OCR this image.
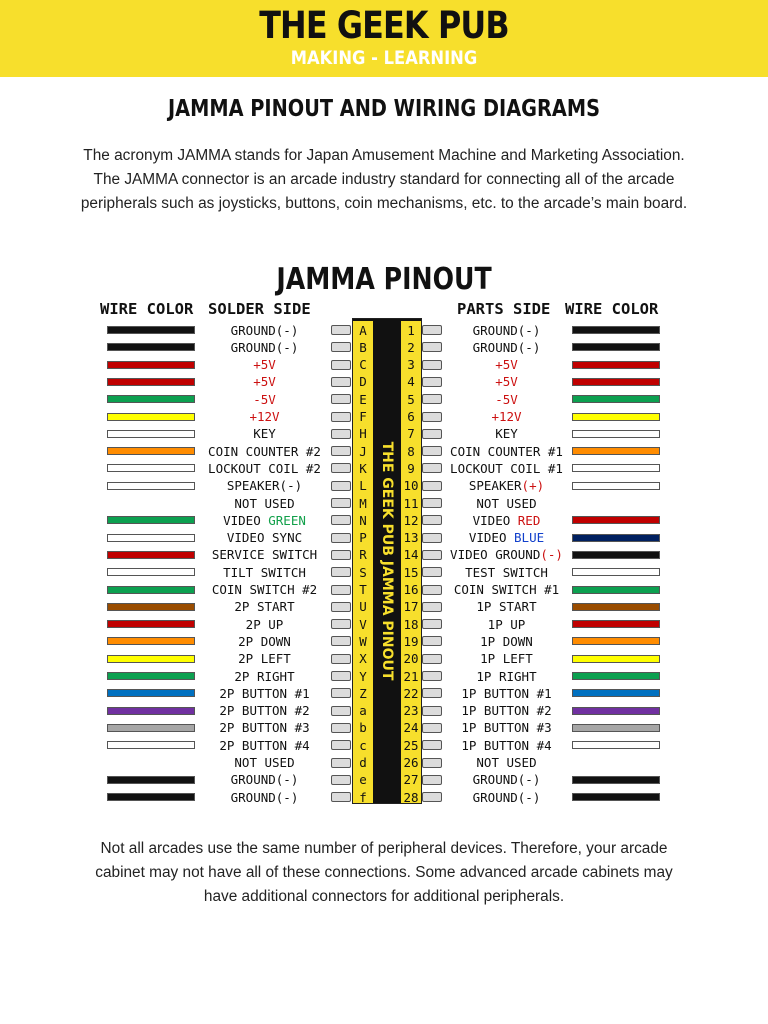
THE GEEK PUB
MAKING - LEARNING
JAMMA PINOUT AND WIRING DIAGRAMS
The acronym JAMMA stands for Japan Amusement Machine and Marketing Association. The JAMMA connector is an arcade industry standard for connecting all of the arcade peripherals such as joysticks, buttons, coin mechanisms, etc. to the arcade’s main board.
JAMMA PINOUT
WIRE COLOR SOLDER SIDE	PARTS SIDE WIRE COLOR
THE GEEK PUB JAMMA PINOUT
GROUND(-)	A	1	GROUND(-)
GROUND(-)	B	2	GROUND(-)
+5V	C	3	+5V
+5V	D	4	+5V
-5V	E	5	-5V
+12V	F	6	+12V
KEY	H	7	KEY
COIN COUNTER #2	J	8	COIN COUNTER #1
LOCKOUT COIL #2	K	9	LOCKOUT COIL #1
SPEAKER(-)	L	10	SPEAKER(+)
NOT USED	M	11	NOT USED
VIDEO GREEN	N	12	VIDEO RED
VIDEO SYNC	P	13	VIDEO BLUE
SERVICE SWITCH	R	14	VIDEO GROUND(-)
TILT SWITCH	S	15	TEST SWITCH
COIN SWITCH #2	T	16	COIN SWITCH #1
2P START	U	17	1P START
2P UP	V	18	1P UP
2P DOWN	W	19	1P DOWN
2P LEFT	X	20	1P LEFT
2P RIGHT	Y	21	1P RIGHT
2P BUTTON #1	Z	22	1P BUTTON #1
2P BUTTON #2	a	23	1P BUTTON #2
2P BUTTON #3	b	24	1P BUTTON #3
2P BUTTON #4	c	25	1P BUTTON #4
NOT USED	d	26	NOT USED
GROUND(-)	e	27	GROUND(-)
GROUND(-)	f	28	GROUND(-)
Not all arcades use the same number of peripheral devices. Therefore, your arcade cabinet may not have all of these connections. Some advanced arcade cabinets may have additional connectors for additional peripherals.
